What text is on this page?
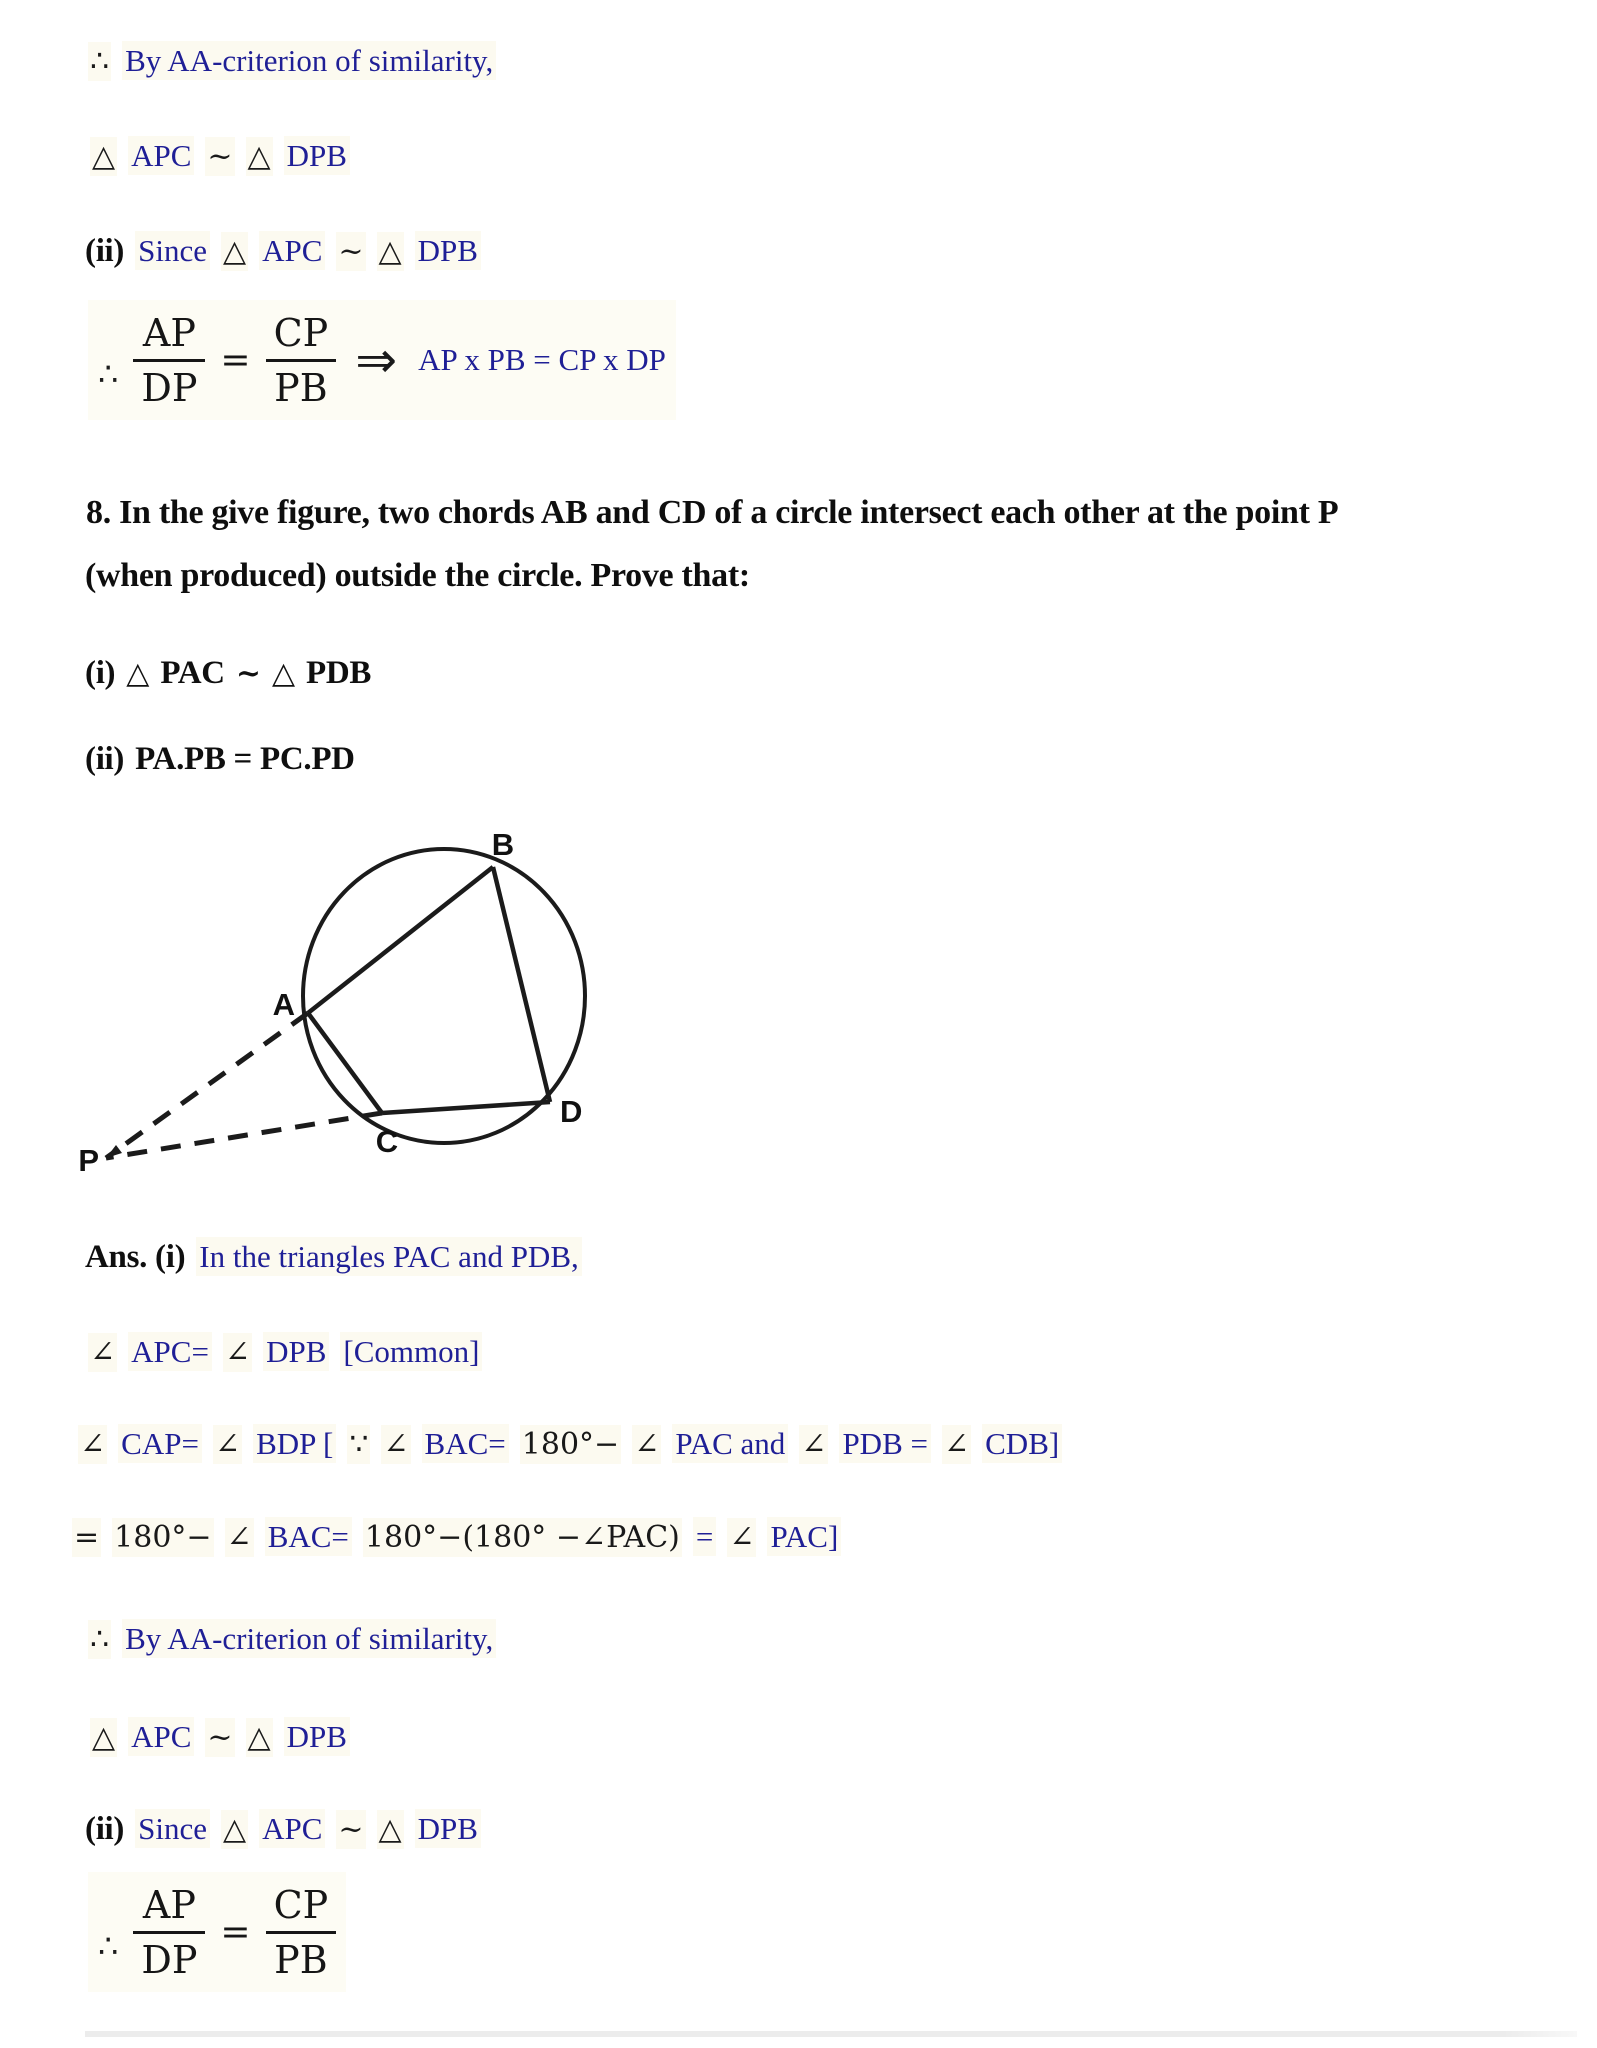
∴ By AA-criterion of similarity,
△ APC ~ △ DPB
(ii) Since △ APC ~ △ DPB
∴ $\frac{AP}{DP} = \frac{CP}{PB}$ ⇒ AP x PB = CP x DP
8. In the give figure, two chords AB and CD of a circle intersect each other at the point P
(when produced) outside the circle. Prove that:
(i) △ PAC ~ △ PDB
(ii) PA.PB = PC.PD
A
B
C
D
P
Ans. (i) In the triangles PAC and PDB,
∠ APC= ∠ DPB [Common]
∠ CAP= ∠ BDP [ ∵ ∠ BAC= 180°− ∠ PAC and ∠ PDB = ∠ CDB]
= 180°− ∠ BAC= 180°−(180° −∠PAC) = ∠ PAC]
∴ By AA-criterion of similarity,
△ APC ~ △ DPB
(ii) Since △ APC ~ △ DPB
∴ $\frac{AP}{DP} = \frac{CP}{PB}$
